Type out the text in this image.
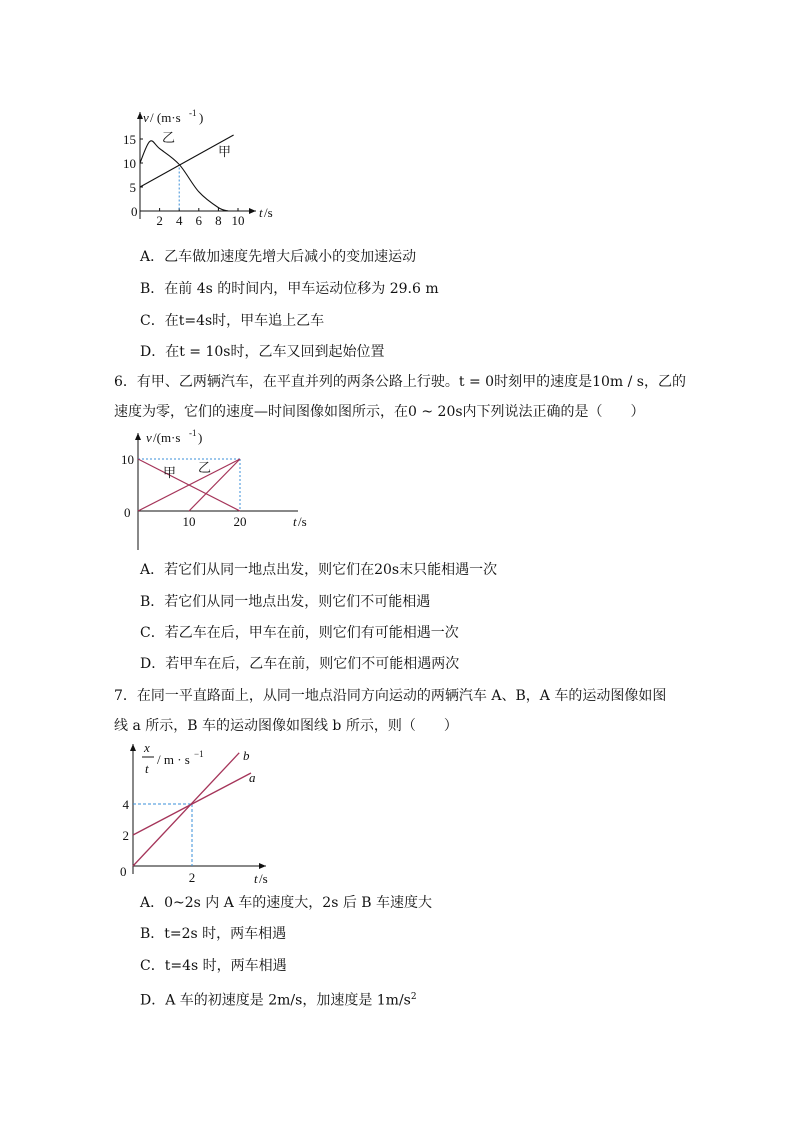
2 4 6 8 10
5
10
15
v / (m·s -1 )
t /s
0
甲
乙
A．乙车做加速度先增大后减小的变加速运动
B．在前 4s 的时间内，甲车运动位移为 29.6 m
C．在t=4s时，甲车追上乙车
D．在t = 10s时，乙车又回到起始位置
6．有甲、乙两辆汽车，在平直并列的两条公路上行驶。t = 0时刻甲的速度是10m / s，乙的
速度为零，它们的速度—时间图像如图所示，在0 ~ 20s内下列说法正确的是（　　）
10	20
10
v /(m·s -1 )
t /s
0
甲 乙
A．若它们从同一地点出发，则它们在20s末只能相遇一次
B．若它们从同一地点出发，则它们不可能相遇
C．若乙车在后，甲车在前，则它们有可能相遇一次
D．若甲车在后，乙车在前，则它们不可能相遇两次
7．在同一平直路面上，从同一地点沿同方向运动的两辆汽车 A、B，A 车的运动图像如图
线 a 所示，B 车的运动图像如图线 b 所示，则（　　）
2
2
4
x
t
/ m · s −1
t /s
0
b
a
A．0~2s 内 A 车的速度大，2s 后 B 车速度大
B．t=2s 时，两车相遇
C．t=4s 时，两车相遇
D．A 车的初速度是 2m/s，加速度是 $1m/s^2$
